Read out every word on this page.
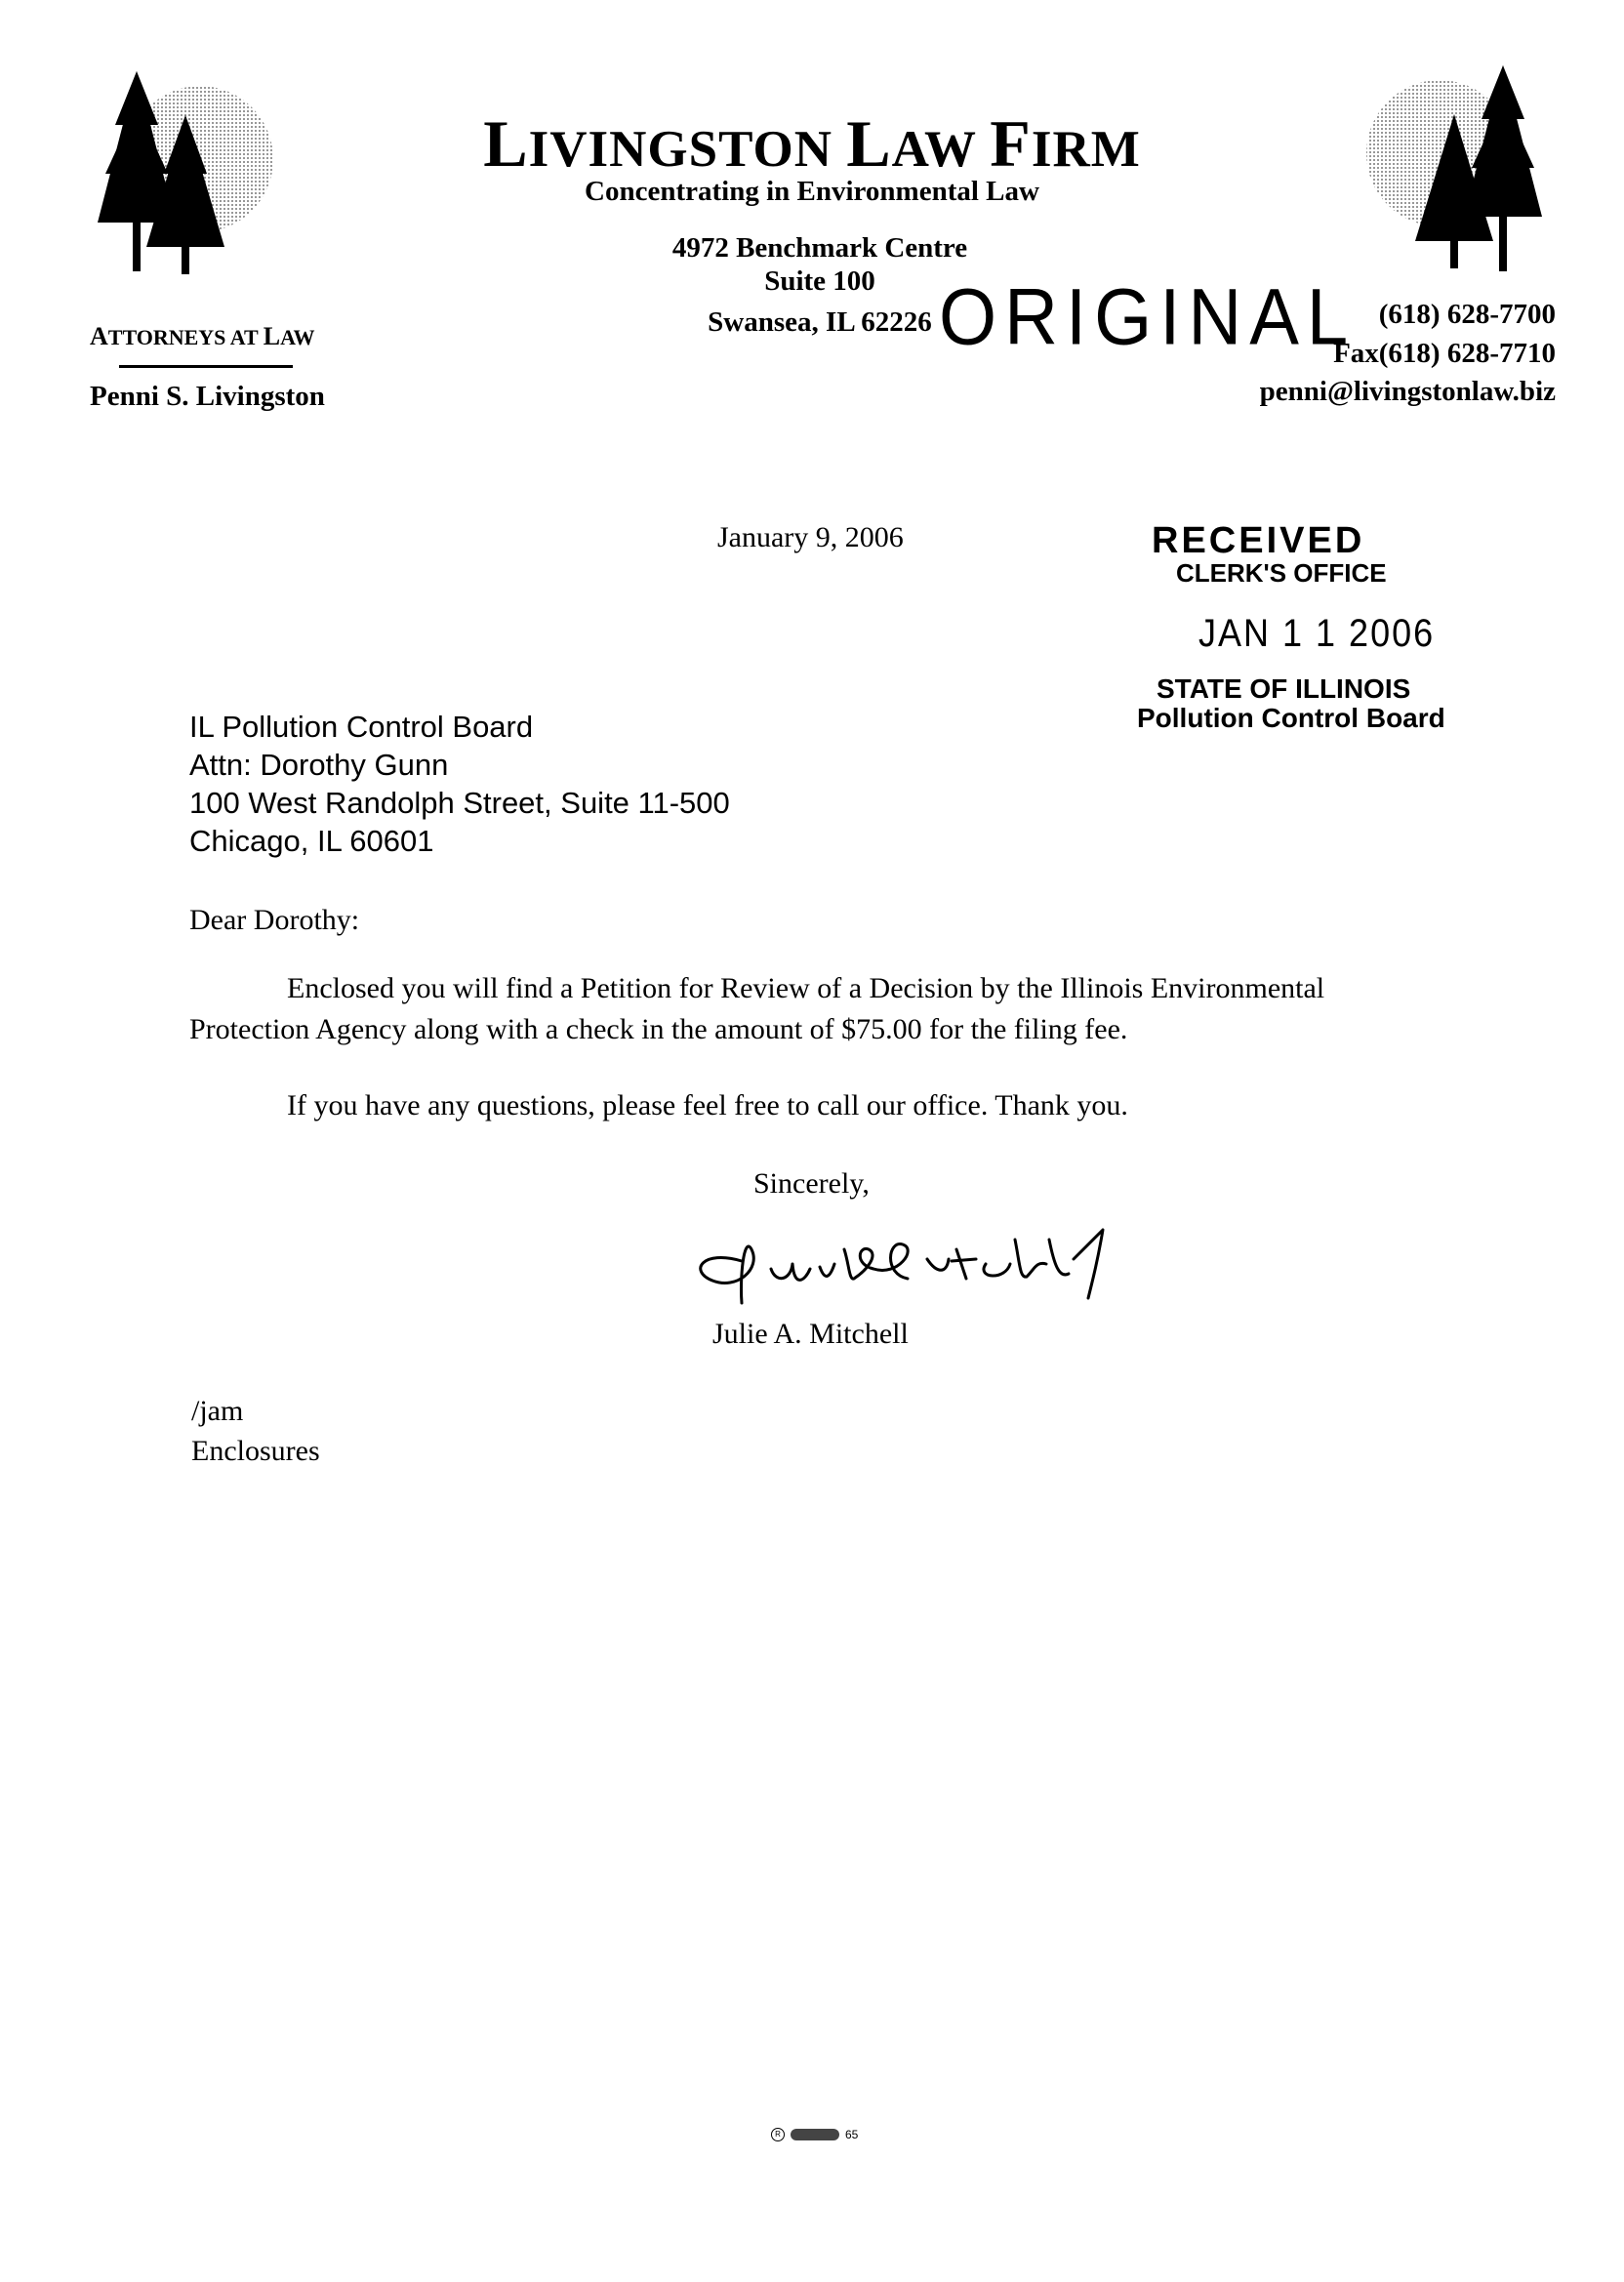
LIVINGSTON LAW FIRM
Concentrating in Environmental Law
4972 Benchmark Centre
Suite 100
Swansea, IL 62226
ATTORNEYS AT LAW
Penni S. Livingston
ORIGINAL (618) 628-7700
Fax(618) 628-7710
penni@livingstonlaw.biz
January 9, 2006	RECEIVED
CLERK'S OFFICE
JAN 1 1 2006
STATE OF ILLINOIS
Pollution Control Board
IL Pollution Control Board
Attn: Dorothy Gunn
100 West Randolph Street, Suite 11-500
Chicago, IL 60601
Dear Dorothy:
Enclosed you will find a Petition for Review of a Decision by the Illinois Environmental Protection Agency along with a check in the amount of $75.00 for the filing fee.
If you have any questions, please feel free to call our office. Thank you.
Sincerely,
Julie A. Mitchell
/jam
Enclosures
R	65
